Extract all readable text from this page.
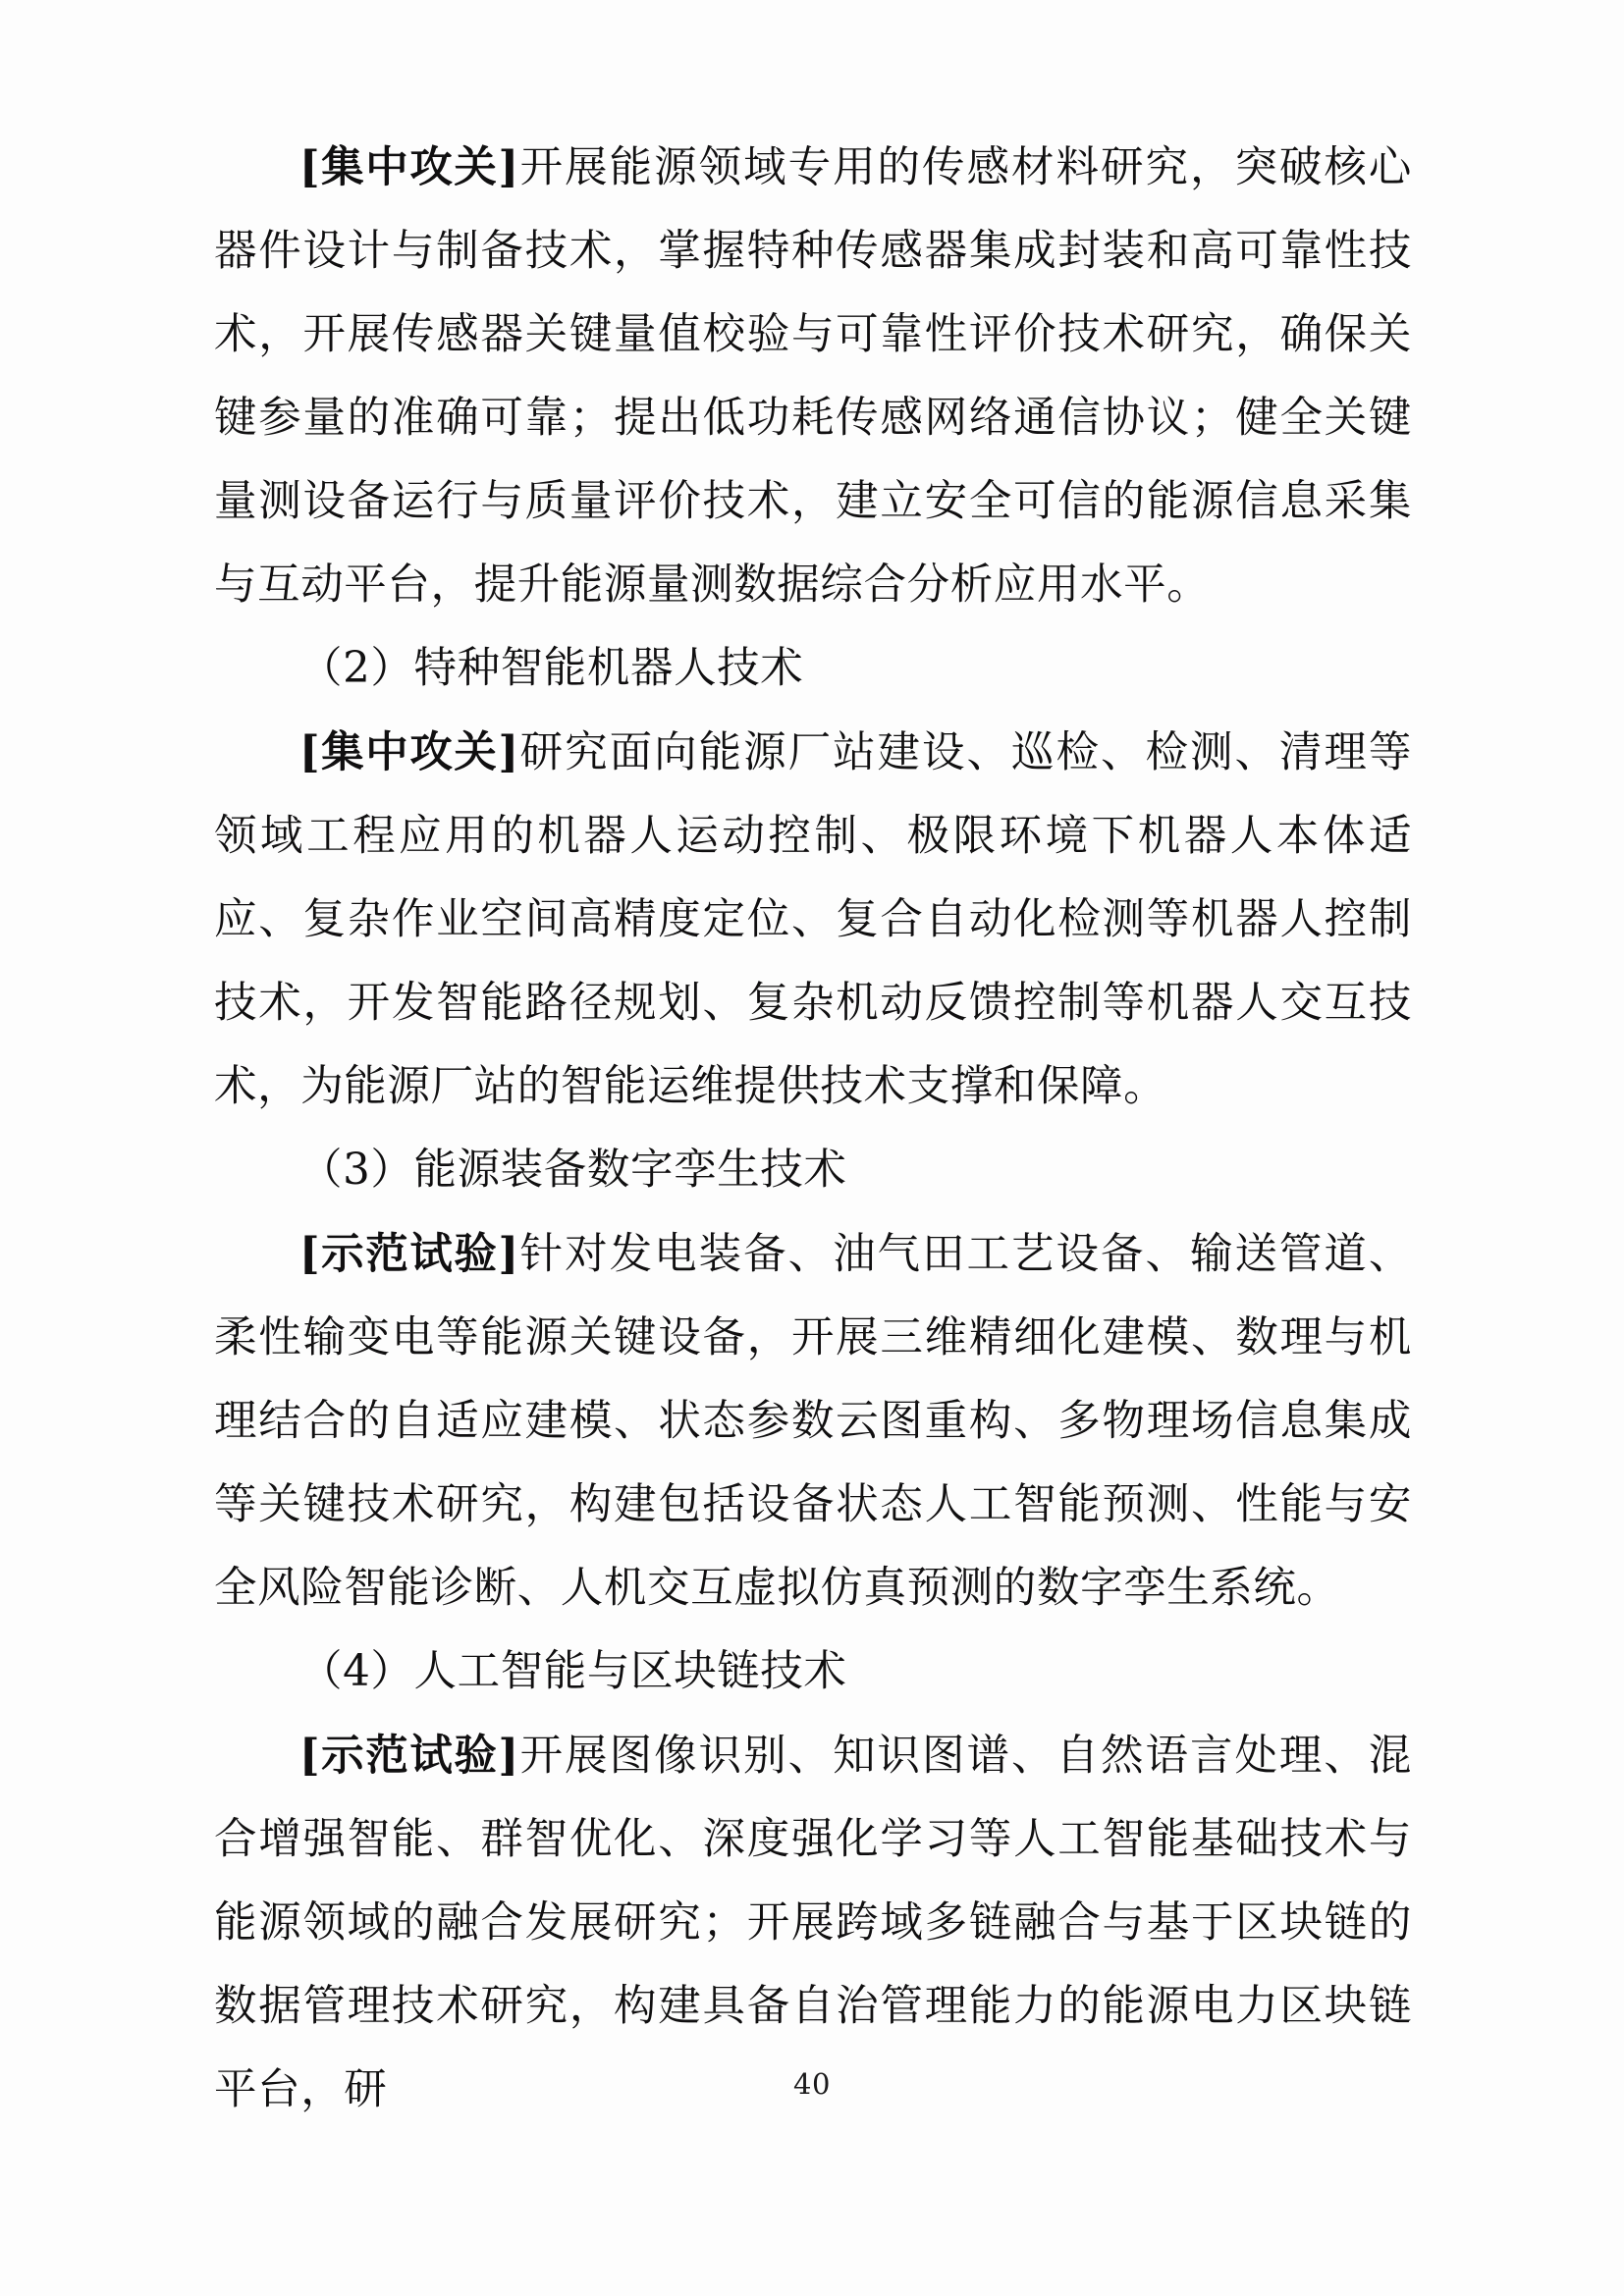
[集中攻关]开展能源领域专用的传感材料研究，突破核心器件设计与制备技术，掌握特种传感器集成封装和高可靠性技术，开展传感器关键量值校验与可靠性评价技术研究，确保关键参量的准确可靠；提出低功耗传感网络通信协议；健全关键量测设备运行与质量评价技术，建立安全可信的能源信息采集与互动平台，提升能源量测数据综合分析应用水平。

（2）特种智能机器人技术

[集中攻关]研究面向能源厂站建设、巡检、检测、清理等领域工程应用的机器人运动控制、极限环境下机器人本体适应、复杂作业空间高精度定位、复合自动化检测等机器人控制技术，开发智能路径规划、复杂机动反馈控制等机器人交互技术，为能源厂站的智能运维提供技术支撑和保障。

（3）能源装备数字孪生技术

[示范试验]针对发电装备、油气田工艺设备、输送管道、柔性输变电等能源关键设备，开展三维精细化建模、数理与机理结合的自适应建模、状态参数云图重构、多物理场信息集成等关键技术研究，构建包括设备状态人工智能预测、性能与安全风险智能诊断、人机交互虚拟仿真预测的数字孪生系统。

（4）人工智能与区块链技术

[示范试验]开展图像识别、知识图谱、自然语言处理、混合增强智能、群智优化、深度强化学习等人工智能基础技术与能源领域的融合发展研究；开展跨域多链融合与基于区块链的数据管理技术研究，构建具备自治管理能力的能源电力区块链平台，研	40
